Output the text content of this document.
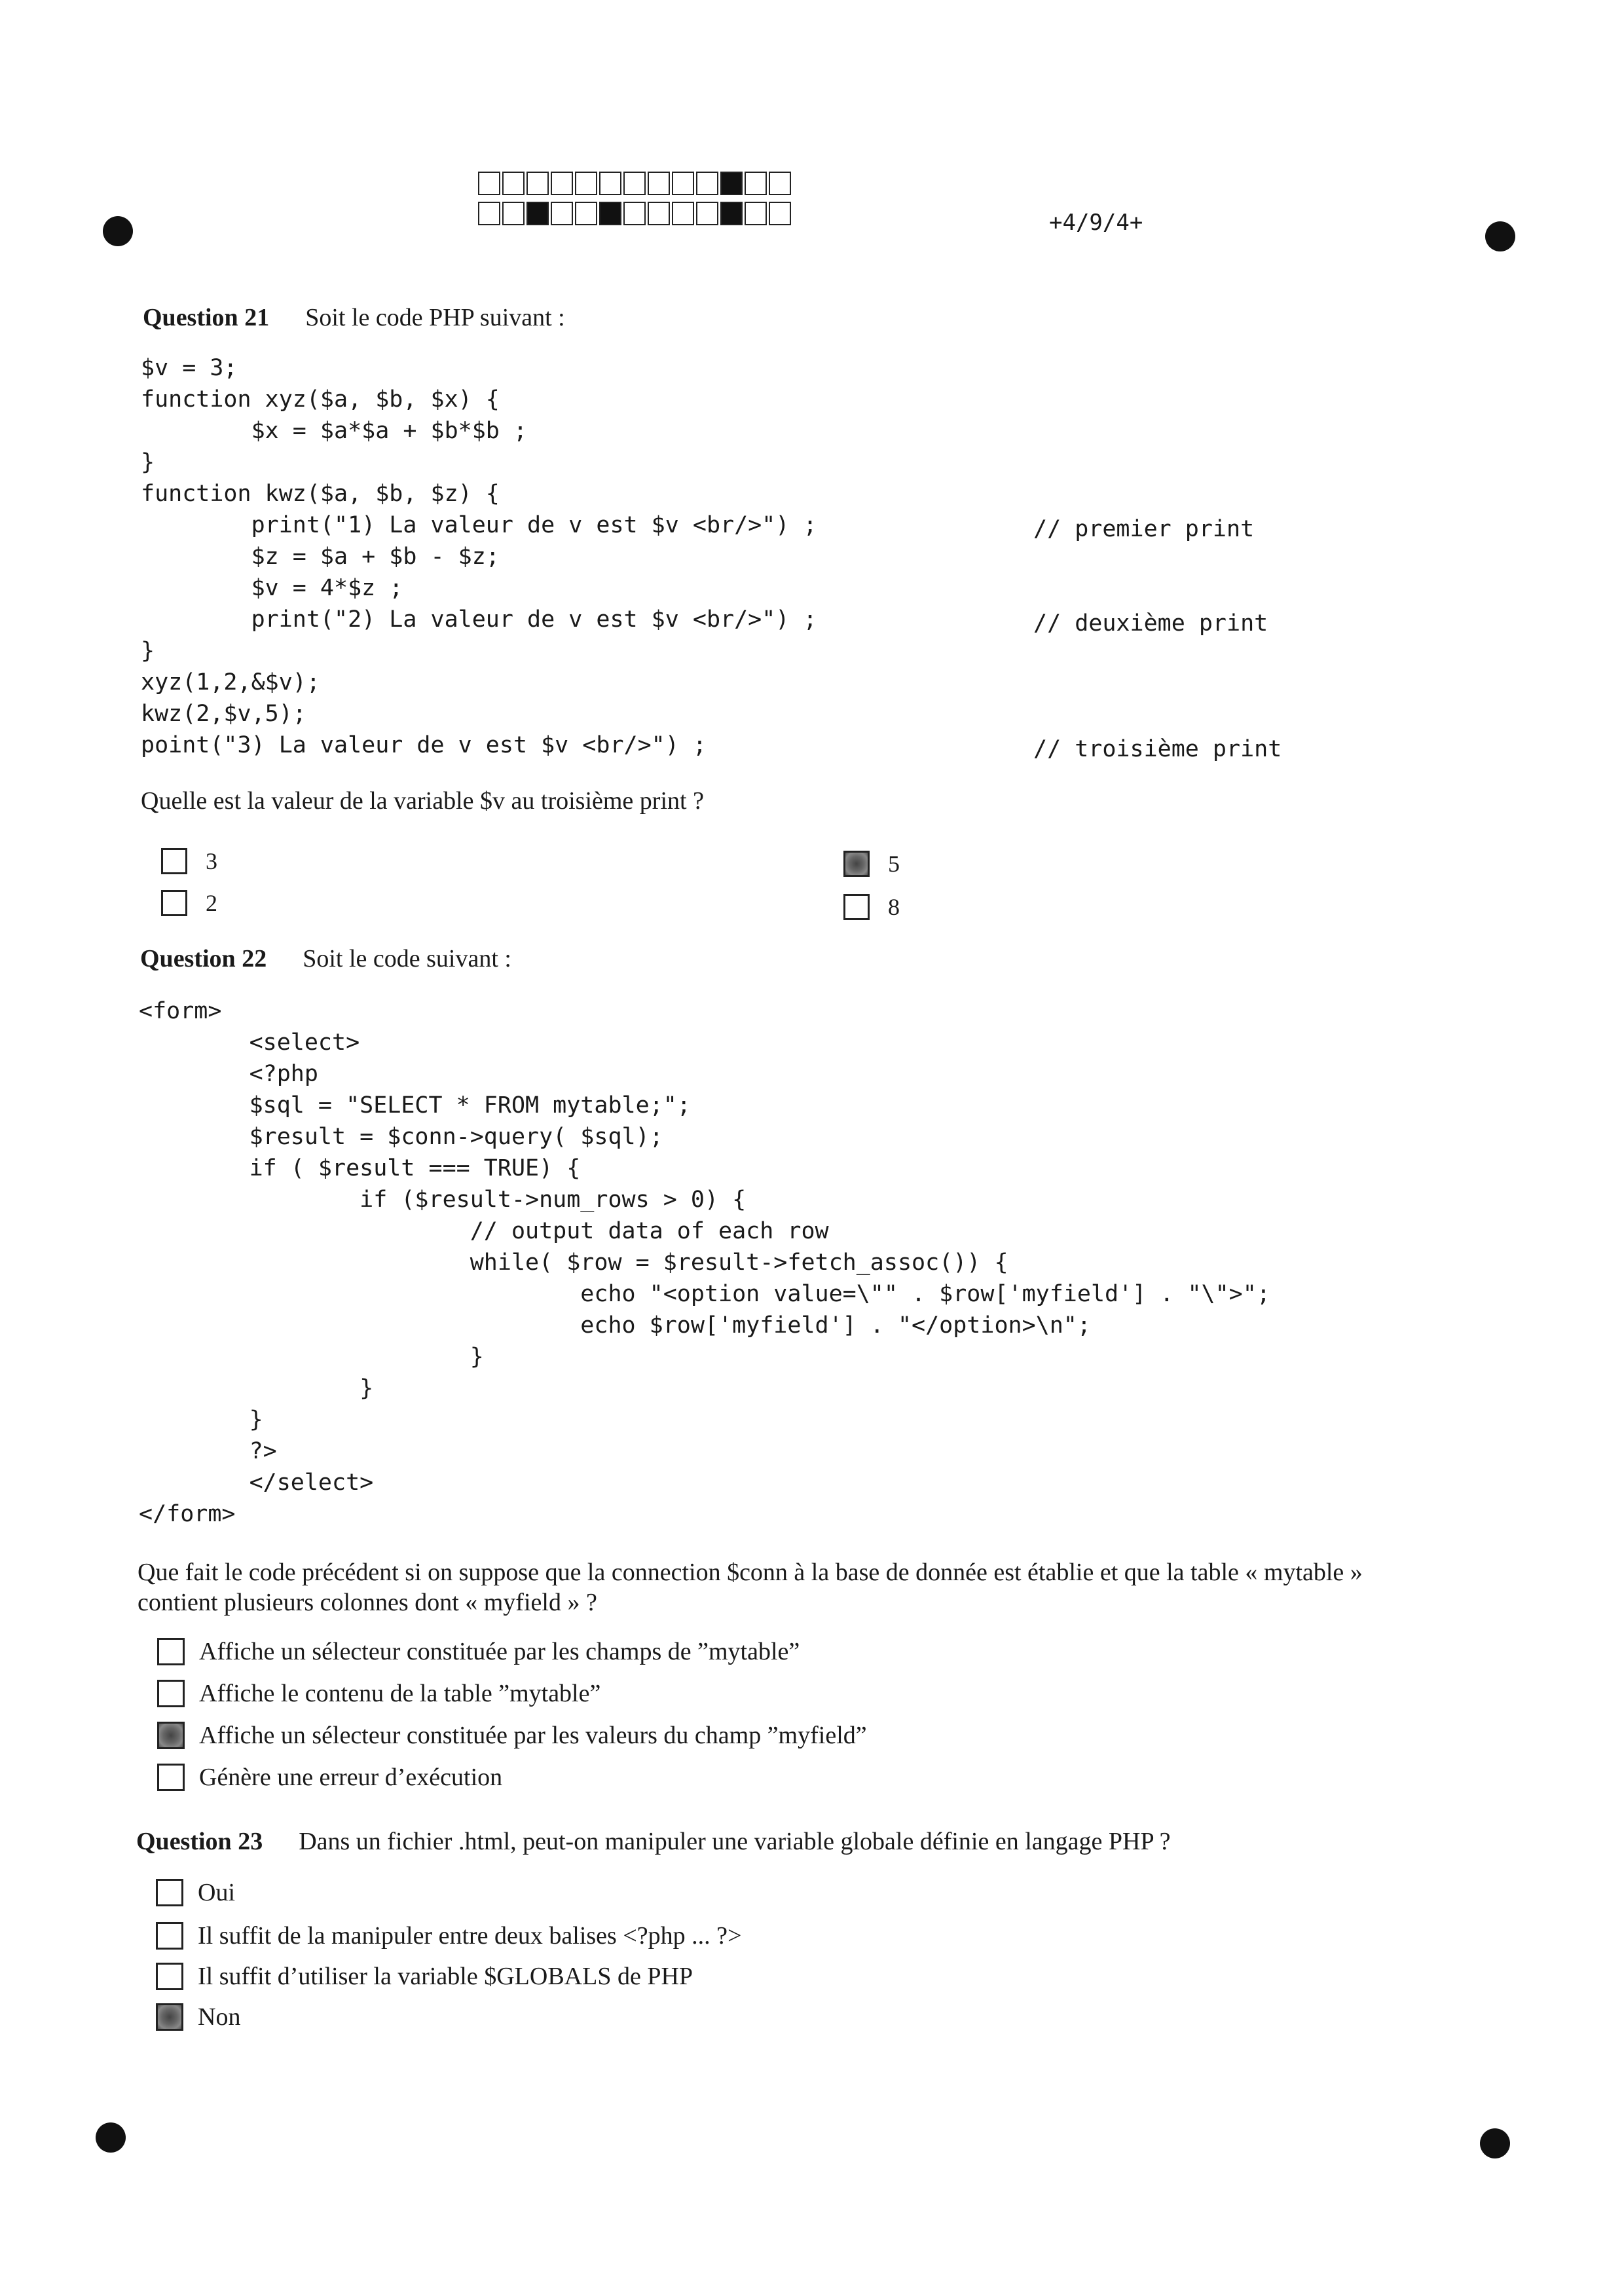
+4/9/4+
Question 21 Soit le code PHP suivant :
$v = 3;
function xyz($a, $b, $x) {
$x = $a*$a + $b*$b ;
}
function kwz($a, $b, $z) {
print("1) La valeur de v est $v <br/>") ;
$z = $a + $b - $z;
$v = 4*$z ;
print("2) La valeur de v est $v <br/>") ;
}
xyz(1,2,&$v);
kwz(2,$v,5);
point("3) La valeur de v est $v <br/>") ;
// premier print
// deuxième print
// troisième print
Quelle est la valeur de la variable $v au troisième print ?
3
2
5
8
Question 22 Soit le code suivant :
<form>
<select>
<?php
$sql = "SELECT * FROM mytable;";
$result = $conn->query( $sql);
if ( $result === TRUE) {
if ($result->num_rows > 0) {
// output data of each row
while( $row = $result->fetch_assoc()) {
echo "<option value=\"" . $row['myfield'] . "\">";
echo $row['myfield'] . "</option>\n";
}
}
}
?>
</select>
</form>
Que fait le code précédent si on suppose que la connection $conn à la base de donnée est établie et que la table « mytable »
contient plusieurs colonnes dont « myfield » ?
Affiche un sélecteur constituée par les champs de ”mytable”
Affiche le contenu de la table ”mytable”
Affiche un sélecteur constituée par les valeurs du champ ”myfield”
Génère une erreur d’exécution
Question 23 Dans un fichier .html, peut-on manipuler une variable globale définie en langage PHP ?
Oui
Il suffit de la manipuler entre deux balises <?php ... ?>
Il suffit d’utiliser la variable $GLOBALS de PHP
Non
